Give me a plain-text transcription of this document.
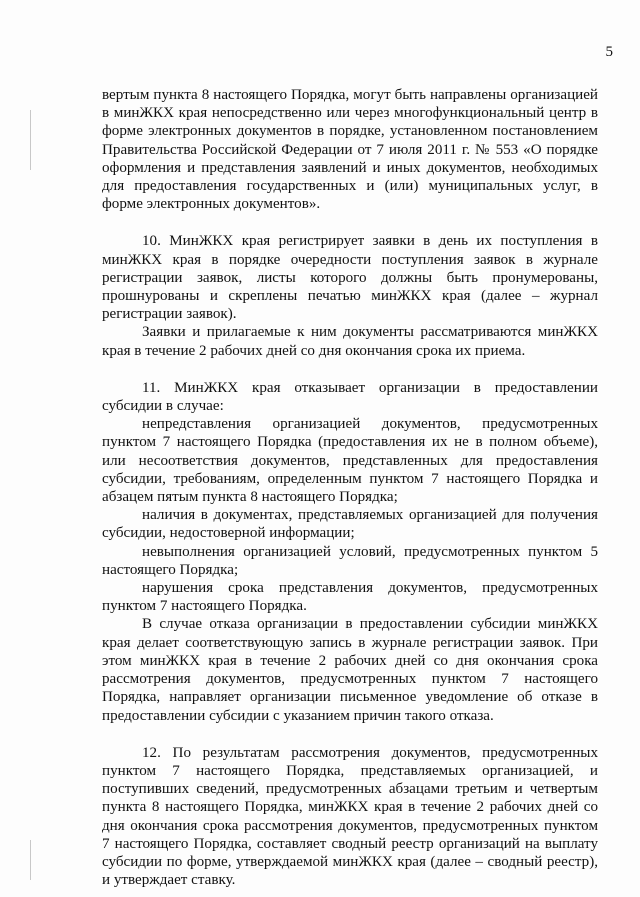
5

вертым пункта 8 настоящего Порядка, могут быть направлены организацией в минЖКХ края непосредственно или через многофункциональный центр в форме электронных документов в порядке, установленном постановлением Правительства Российской Федерации от 7 июля 2011 г. № 553 «О порядке оформления и представления заявлений и иных документов, необходимых для предоставления государственных и (или) муниципальных услуг, в форме электронных документов».

10. МинЖКХ края регистрирует заявки в день их поступления в минЖКХ края в порядке очередности поступления заявок в журнале регистрации заявок, листы которого должны быть пронумерованы, прошнурованы и скреплены печатью минЖКХ края (далее – журнал регистрации заявок).

Заявки и прилагаемые к ним документы рассматриваются минЖКХ края в течение 2 рабочих дней со дня окончания срока их приема.

11. МинЖКХ края отказывает организации в предоставлении субсидии в случае:

непредставления организацией документов, предусмотренных пунктом 7 настоящего Порядка (предоставления их не в полном объеме), или несоответствия документов, представленных для предоставления субсидии, требованиям, определенным пунктом 7 настоящего Порядка и абзацем пятым пункта 8 настоящего Порядка;

наличия в документах, представляемых организацией для получения субсидии, недостоверной информации;

невыполнения организацией условий, предусмотренных пунктом 5 настоящего Порядка;

нарушения срока представления документов, предусмотренных пунктом 7 настоящего Порядка.

В случае отказа организации в предоставлении субсидии минЖКХ края делает соответствующую запись в журнале регистрации заявок. При этом минЖКХ края в течение 2 рабочих дней со дня окончания срока рассмотрения документов, предусмотренных пунктом 7 настоящего Порядка, направляет организации письменное уведомление об отказе в предоставлении субсидии с указанием причин такого отказа.

12. По результатам рассмотрения документов, предусмотренных пунктом 7 настоящего Порядка, представляемых организацией, и поступивших сведений, предусмотренных абзацами третьим и четвертым пункта 8 настоящего Порядка, минЖКХ края в течение 2 рабочих дней со дня окончания срока рассмотрения документов, предусмотренных пунктом 7 настоящего Порядка, составляет сводный реестр организаций на выплату субсидии по форме, утверждаемой минЖКХ края (далее – сводный реестр), и утверждает ставку.
